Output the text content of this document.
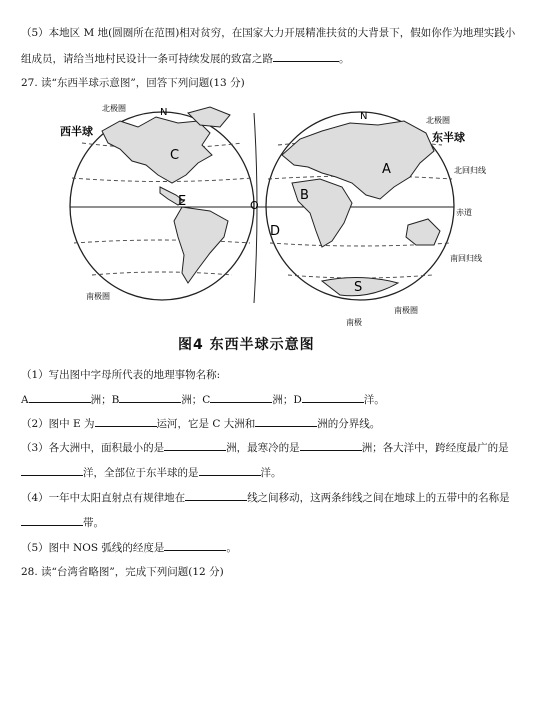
（5）本地区 M 地(圆圈所在范围)相对贫穷，在国家大力开展精准扶贫的大背景下，假如你作为地理实践小
组成员，请给当地村民设计一条可持续发展的致富之路	。
27. 读“东西半球示意图”，回答下列问题(13 分)
西半球	东半球
北极圈
北极圈
北回归线
赤道
南回归线
南极圈
南极圈
N	N
南极
O
A
B
C
D
E
S
图4 东西半球示意图
（1）写出图中字母所代表的地理事物名称:
A	洲；B	洲；C	洲；D	洋。
（2）图中 E 为	运河，它是 C 大洲和	洲的分界线。
（3）各大洲中，面积最小的是	洲，最寒冷的是	洲；各大洋中，跨经度最广的是
洋，全部位于东半球的是	洋。
（4）一年中太阳直射点有规律地在	线之间移动，这两条纬线之间在地球上的五带中的名称是
带。
（5）图中 NOS 弧线的经度是	。
28. 读“台湾省略图”，完成下列问题(12 分)
